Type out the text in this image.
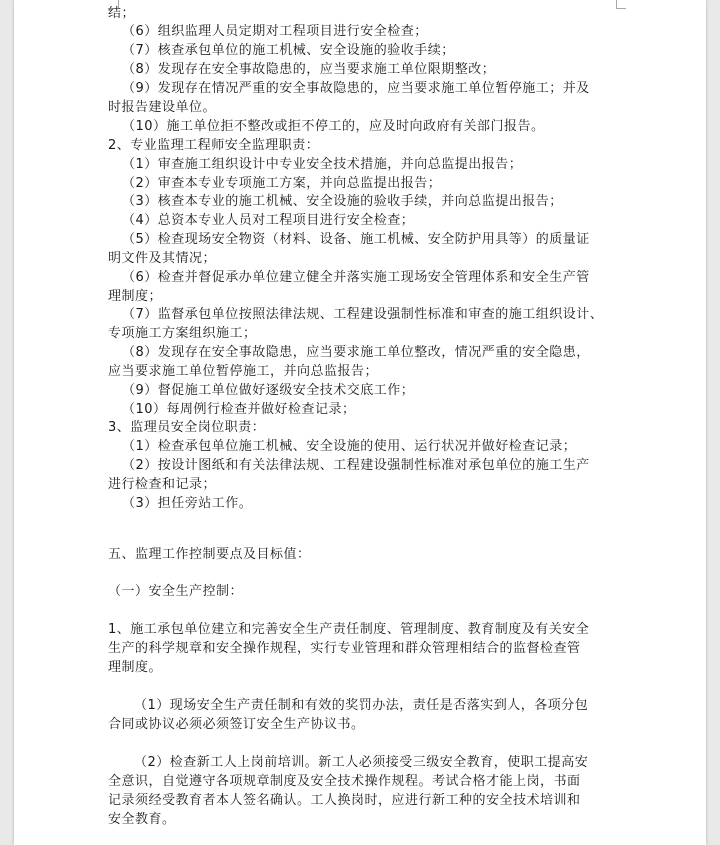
结；
（6）组织监理人员定期对工程项目进行安全检查；
（7）核查承包单位的施工机械、安全设施的验收手续；
（8）发现存在安全事故隐患的，应当要求施工单位限期整改；
（9）发现存在情况严重的安全事故隐患的，应当要求施工单位暂停施工；并及
时报告建设单位。
（10）施工单位拒不整改或拒不停工的，应及时向政府有关部门报告。
2、专业监理工程师安全监理职责：
（1）审查施工组织设计中专业安全技术措施，并向总监提出报告；
（2）审查本专业专项施工方案，并向总监提出报告；
（3）核查本专业的施工机械、安全设施的验收手续，并向总监提出报告；
（4）总资本专业人员对工程项目进行安全检查；
（5）检查现场安全物资（材料、设备、施工机械、安全防护用具等）的质量证
明文件及其情况；
（6）检查并督促承办单位建立健全并落实施工现场安全管理体系和安全生产管
理制度；
（7）监督承包单位按照法律法规、工程建设强制性标准和审查的施工组织设计、
专项施工方案组织施工；
（8）发现存在安全事故隐患，应当要求施工单位整改，情况严重的安全隐患，
应当要求施工单位暂停施工，并向总监报告；
（9）督促施工单位做好逐级安全技术交底工作；
（10）每周例行检查并做好检查记录；
3、监理员安全岗位职责：
（1）检查承包单位施工机械、安全设施的使用、运行状况并做好检查记录；
（2）按设计图纸和有关法律法规、工程建设强制性标准对承包单位的施工生产
进行检查和记录；
（3）担任旁站工作。
五、监理工作控制要点及目标值：
（一）安全生产控制：
1、施工承包单位建立和完善安全生产责任制度、管理制度、教育制度及有关安全
生产的科学规章和安全操作规程，实行专业管理和群众管理相结合的监督检查管
理制度。
（1）现场安全生产责任制和有效的奖罚办法，责任是否落实到人，各项分包
合同或协议必须必须签订安全生产协议书。
（2）检查新工人上岗前培训。新工人必须接受三级安全教育，使职工提高安
全意识，自觉遵守各项规章制度及安全技术操作规程。考试合格才能上岗，书面
记录须经受教育者本人签名确认。工人换岗时，应进行新工种的安全技术培训和
安全教育。
